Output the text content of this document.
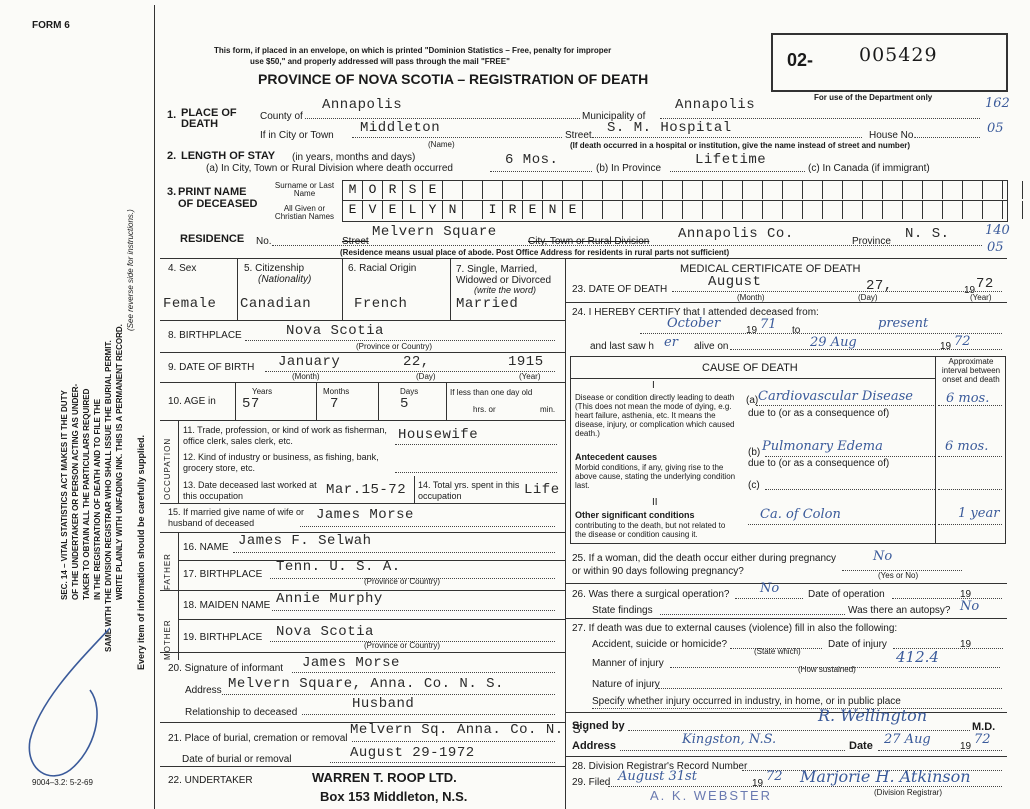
FORM 6
9004–3.2: 5-2-69
SEC. 14 – VITAL STATISTICS ACT MAKES IT THE DUTY OF THE UNDERTAKER OR PERSON ACTING AS UNDER- TAKER TO OBTAIN ALL THE PARTICULARS REQUIRED IN THE REGISTRATION OF DEATH AND TO FILE THE SAME WITH THE DIVISION REGISTRAR WHO SHALL ISSUE THE BURIAL PERMIT. WRITE PLAINLY WITH UNFADING INK. THIS IS A PERMANENT RECORD.
(See reverse side for instructions.)
Every item of information should be carefully supplied.
This form, if placed in an envelope, on which is printed "Dominion Statistics – Free, penalty for improper
use $50," and properly addressed will pass through the mail "FREE"
PROVINCE OF NOVA SCOTIA – REGISTRATION OF DEATH
02- 005429
For use of the Department only	162
05
140
05
1. PLACE OF DEATH
County of
Annapolis
Municipality of
Annapolis
If in City or Town Middleton	Street S. M. Hospital	House No.
(Name)	(If death occurred in a hospital or institution, give the name instead of street and number)
2. LENGTH OF STAY (in years, months and days)
(a) In City, Town or Rural Division where death occurred
6 Mos.
(b) In Province
Lifetime
(c) In Canada (if immigrant)
3. PRINT NAME
OF DECEASED
Surname or Last Name
All Given or Christian Names
M O R S E
E V E L Y N	I R E N E
RESIDENCE No.	Street
Melvern Square
City, Town or Rural Division Annapolis Co.	Province N. S.
(Residence means usual place of abode. Post Office Address for residents in rural parts not sufficient)
4. Sex
Female
5. Citizenship
(Nationality)
Canadian
6. Racial Origin
French
7. Single, Married, Widowed or Divorced
(write the word)
Married
8. BIRTHPLACE	Nova Scotia
(Province or Country)
9. DATE OF BIRTH January	22,	1915
(Month)	(Day)	(Year)
10. AGE in
Years
57
Months
7
Days
5
If less than one day old
hrs. or	min.
OCCUPATION
11. Trade, profession, or kind of work as fisherman, office clerk, sales clerk, etc.	Housewife
12. Kind of industry or business, as fishing, bank, grocery store, etc.
13. Date deceased last worked at this occupation	Mar.15-72 14. Total yrs. spent in this occupation	Life
15. If married give name of wife or husband of deceased	James Morse
FATHER
16. NAME James F. Selwah
17. BIRTHPLACE Tenn. U. S. A.
(Province or Country)
MOTHER
18. MAIDEN NAME Annie Murphy
19. BIRTHPLACE Nova Scotia
(Province or Country)
20. Signature of informant James Morse
Address Melvern Square, Anna. Co. N. S.
Relationship to deceased
Husband
21. Place of burial, cremation or removal
Melvern Sq. Anna. Co. N. S.
Date of burial or removal	August 29-1972
22. UNDERTAKER	WARREN T. ROOP LTD.
Box 153 Middleton, N.S.
MEDICAL CERTIFICATE OF DEATH
23. DATE OF DEATH	August	27,	19 72
(Month)	(Day)	(Year)
24. I HEREBY CERTIFY that I attended deceased from:
October	19 71 to	present
and last saw h er alive on	29 Aug	19 72
CAUSE OF DEATH
Approximate interval between onset and death
I
Disease or condition directly leading to death (This does not mean the mode of dying, e.g. heart failure, asthenia, etc. It means the disease, injury, or complication which caused death.)
(a) Cardiovascular Disease	6 mos.
due to (or as a consequence of)
Antecedent causes
Morbid conditions, if any, giving rise to the above cause, stating the underlying condition last.
(b) Pulmonary Edema	6 mos.
due to (or as a consequence of)
(c)
II
Other significant conditions
contributing to the death, but not related to the disease or condition causing it.
Ca. of Colon	1 year
25. If a woman, did the death occur either during pregnancy or within 90 days following pregnancy?
No
(Yes or No)
26. Was there a surgical operation? No	Date of operation	19
State findings	Was there an autopsy? No
27. If death was due to external causes (violence) fill in also the following:
Accident, suicide or homicide?	Date of injury	19
(State which)
Manner of injury	412.4
(How sustained)
Nature of injury
Specify whether injury occurred in industry, in home, or in public place
Signed by
R. Wellington
M.D.
Address	Kingston, N.S.	Date 27 Aug	19 72
28. Division Registrar's Record Number
29. Filed August 31st	19 72 Marjorie H. Atkinson
(Division Registrar)
A. K. WEBSTER
